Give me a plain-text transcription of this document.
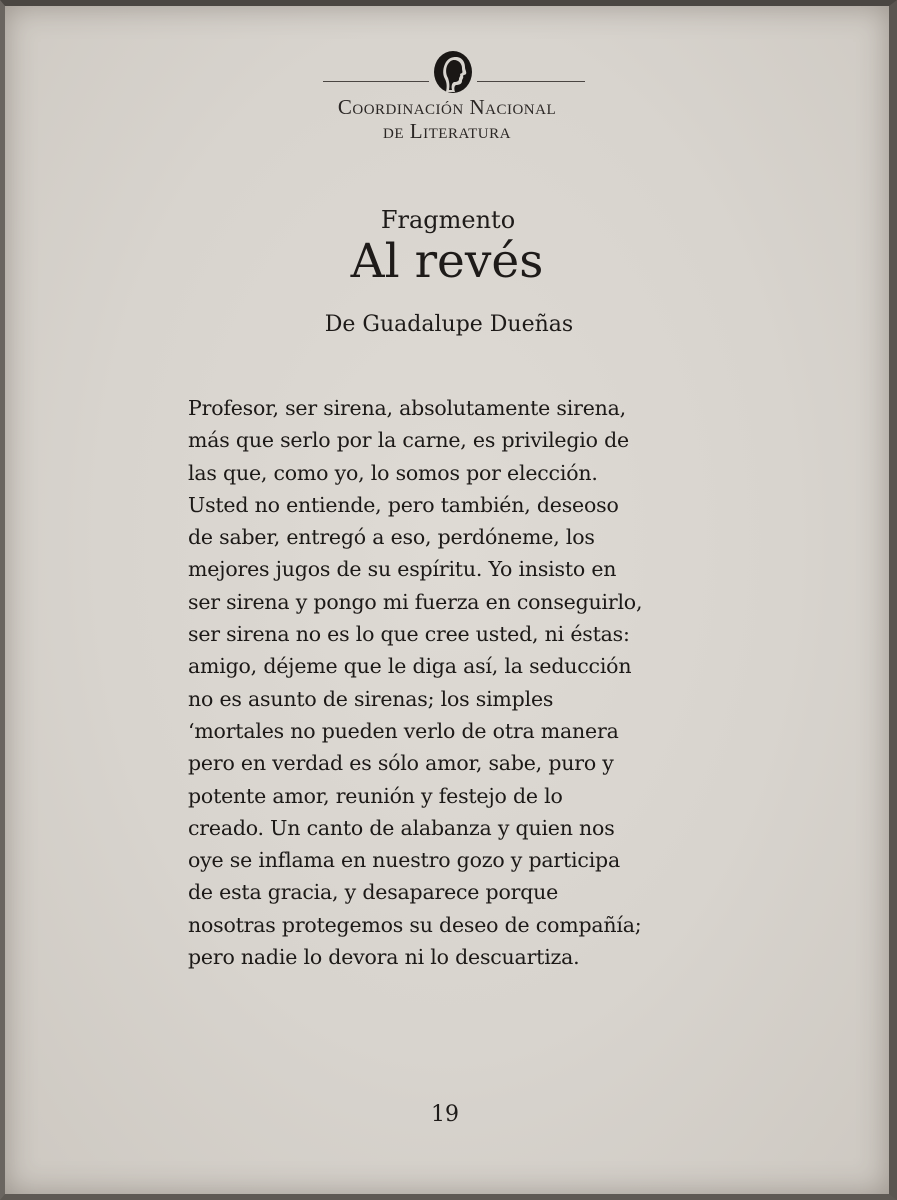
Coordinación Nacional
de Literatura
Fragmento
Al revés
De Guadalupe Dueñas
Profesor, ser sirena, absolutamente sirena,
más que serlo por la carne, es privilegio de
las que, como yo, lo somos por elección.
Usted no entiende, pero también, deseoso
de saber, entregó a eso, perdóneme, los
mejores jugos de su espíritu. Yo insisto en
ser sirena y pongo mi fuerza en conseguirlo,
ser sirena no es lo que cree usted, ni éstas:
amigo, déjeme que le diga así, la seducción
no es asunto de sirenas; los simples
‘mortales no pueden verlo de otra manera
pero en verdad es sólo amor, sabe, puro y
potente amor, reunión y festejo de lo
creado. Un canto de alabanza y quien nos
oye se inflama en nuestro gozo y participa
de esta gracia, y desaparece porque
nosotras protegemos su deseo de compañía;
pero nadie lo devora ni lo descuartiza.
19
